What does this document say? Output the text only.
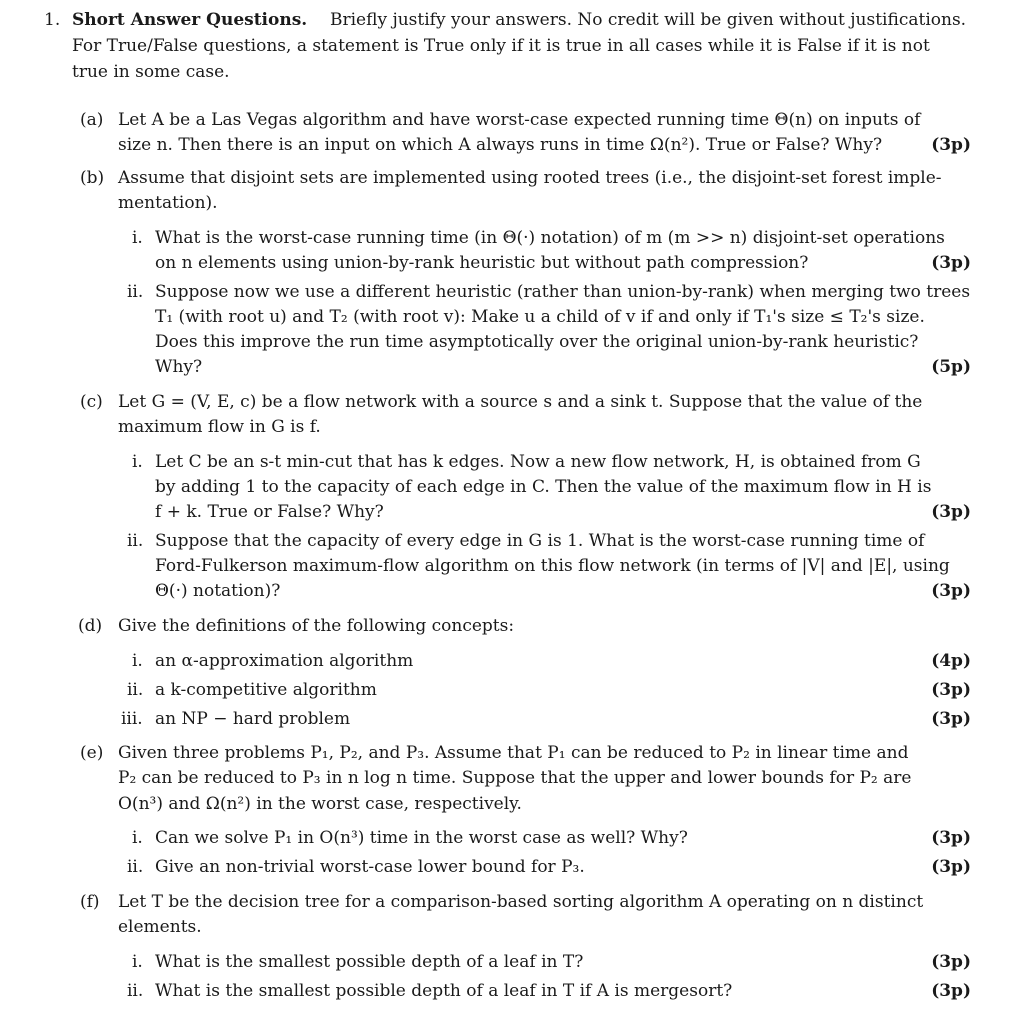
1. Short Answer Questions. Briefly justify your answers. No credit will be given without justifications.
For True/False questions, a statement is True only if it is true in all cases while it is False if it is not
true in some case.
(a) Let A be a Las Vegas algorithm and have worst-case expected running time Θ(n) on inputs of
size n. Then there is an input on which A always runs in time Ω(n²). True or False? Why?	(3p)
(b) Assume that disjoint sets are implemented using rooted trees (i.e., the disjoint-set forest imple-
mentation).
i. What is the worst-case running time (in Θ(·) notation) of m (m >> n) disjoint-set operations
on n elements using union-by-rank heuristic but without path compression?	(3p)
ii. Suppose now we use a different heuristic (rather than union-by-rank) when merging two trees
T₁ (with root u) and T₂ (with root v): Make u a child of v if and only if T₁'s size ≤ T₂'s size.
Does this improve the run time asymptotically over the original union-by-rank heuristic?
Why?	(5p)
(c) Let G = (V, E, c) be a flow network with a source s and a sink t. Suppose that the value of the
maximum flow in G is f.
i. Let C be an s-t min-cut that has k edges. Now a new flow network, H, is obtained from G
by adding 1 to the capacity of each edge in C. Then the value of the maximum flow in H is
f + k. True or False? Why?	(3p)
ii. Suppose that the capacity of every edge in G is 1. What is the worst-case running time of
Ford-Fulkerson maximum-flow algorithm on this flow network (in terms of |V| and |E|, using
Θ(·) notation)?	(3p)
(d) Give the definitions of the following concepts:
i. an α-approximation algorithm	(4p)
ii. a k-competitive algorithm	(3p)
iii. an NP − hard problem	(3p)
(e) Given three problems P₁, P₂, and P₃. Assume that P₁ can be reduced to P₂ in linear time and
P₂ can be reduced to P₃ in n log n time. Suppose that the upper and lower bounds for P₂ are
O(n³) and Ω(n²) in the worst case, respectively.
i. Can we solve P₁ in O(n³) time in the worst case as well? Why?	(3p)
ii. Give an non-trivial worst-case lower bound for P₃.	(3p)
(f) Let T be the decision tree for a comparison-based sorting algorithm A operating on n distinct
elements.
i. What is the smallest possible depth of a leaf in T?	(3p)
ii. What is the smallest possible depth of a leaf in T if A is mergesort?	(3p)
